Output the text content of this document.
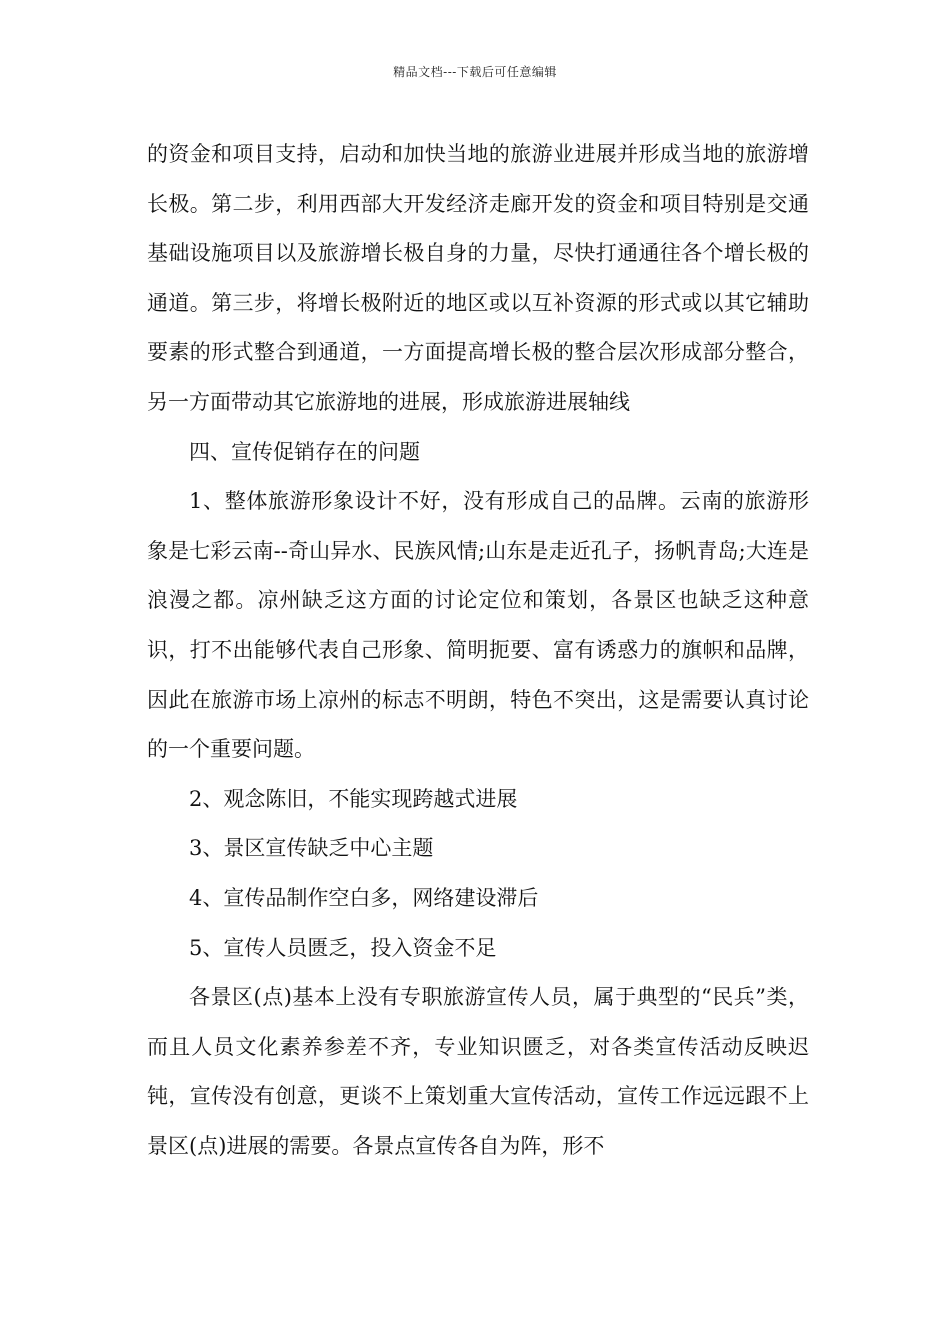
精品文档---下载后可任意编辑

的资金和项目支持，启动和加快当地的旅游业进展并形成当地的旅游增长极。第二步，利用西部大开发经济走廊开发的资金和项目特别是交通基础设施项目以及旅游增长极自身的力量，尽快打通通往各个增长极的通道。第三步，将增长极附近的地区或以互补资源的形式或以其它辅助要素的形式整合到通道，一方面提高增长极的整合层次形成部分整合，另一方面带动其它旅游地的进展，形成旅游进展轴线

四、宣传促销存在的问题

1、整体旅游形象设计不好，没有形成自己的品牌。云南的旅游形象是七彩云南--奇山异水、民族风情;山东是走近孔子，扬帆青岛;大连是浪漫之都。凉州缺乏这方面的讨论定位和策划，各景区也缺乏这种意识，打不出能够代表自己形象、简明扼要、富有诱惑力的旗帜和品牌，因此在旅游市场上凉州的标志不明朗，特色不突出，这是需要认真讨论的一个重要问题。

2、观念陈旧，不能实现跨越式进展

3、景区宣传缺乏中心主题

4、宣传品制作空白多，网络建设滞后

5、宣传人员匮乏，投入资金不足

各景区(点)基本上没有专职旅游宣传人员，属于典型的“民兵”类，而且人员文化素养参差不齐，专业知识匮乏，对各类宣传活动反映迟钝，宣传没有创意，更谈不上策划重大宣传活动，宣传工作远远跟不上景区(点)进展的需要。各景点宣传各自为阵，形不
